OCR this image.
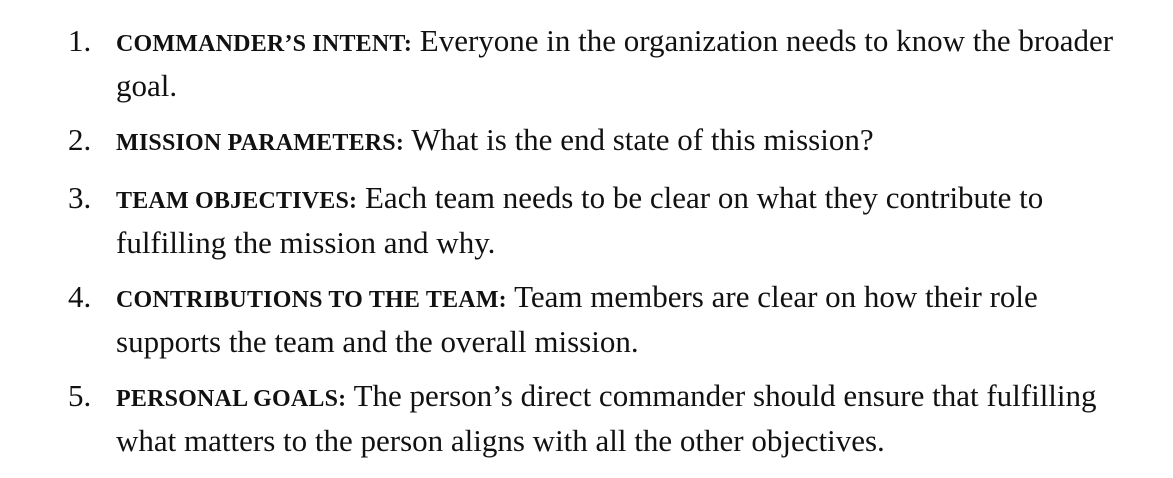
1. COMMANDER’S INTENT: Everyone in the organization needs to know the broader goal.
2. MISSION PARAMETERS: What is the end state of this mission?
3. TEAM OBJECTIVES: Each team needs to be clear on what they contribute to fulfilling the mission and why.
4. CONTRIBUTIONS TO THE TEAM: Team members are clear on how their role supports the team and the overall mission.
5. PERSONAL GOALS: The person’s direct commander should ensure that fulfilling what matters to the person aligns with all the other objectives.
